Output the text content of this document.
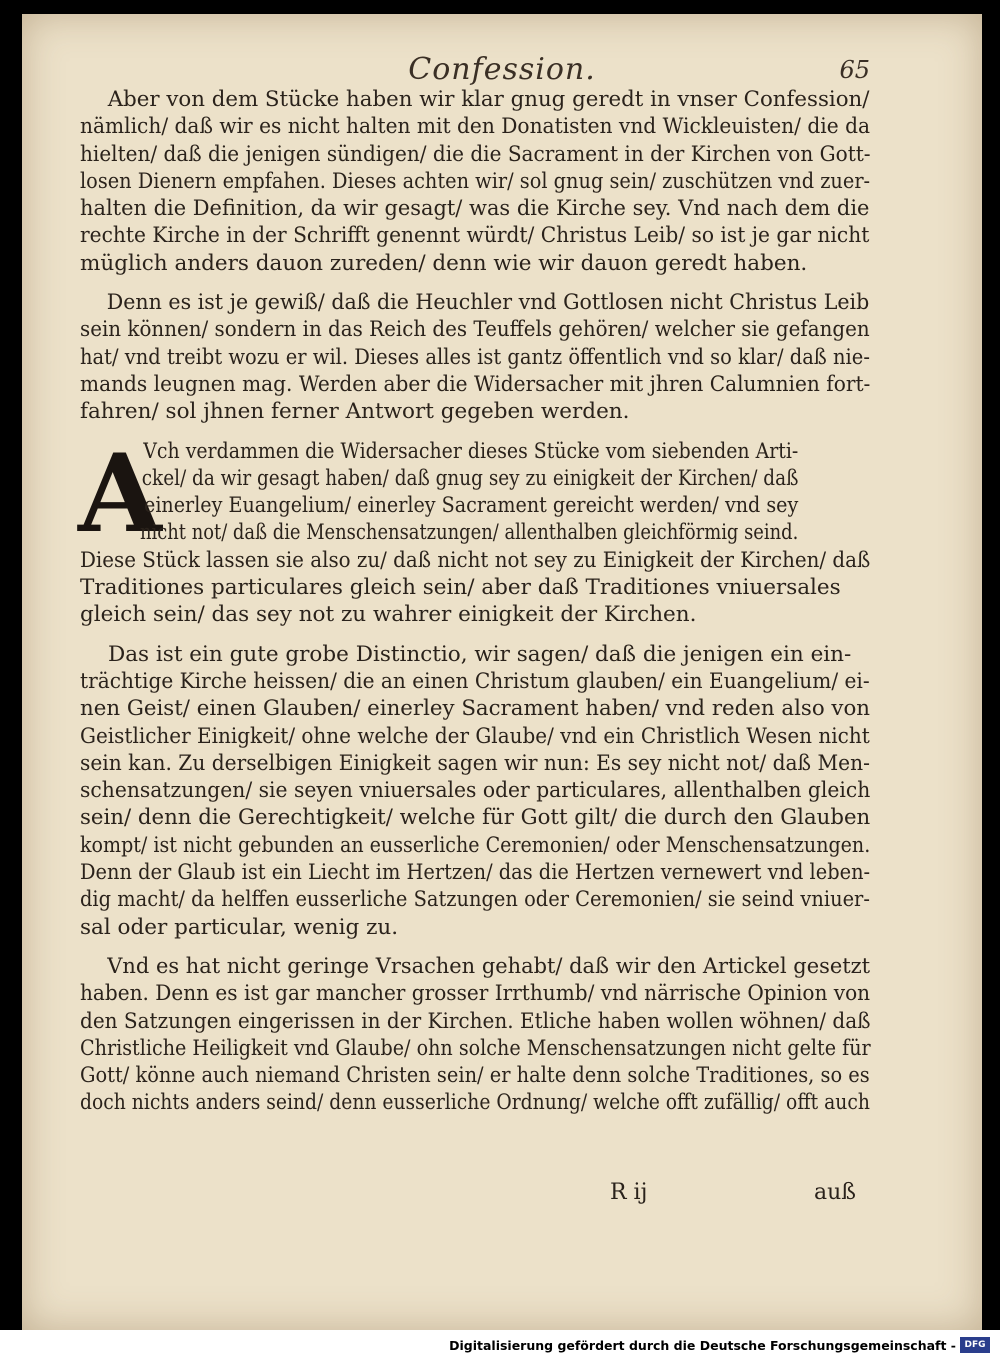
Confession.	65

Aber von dem Stücke haben wir klar gnug geredt in vnser Confession/
nämlich/ daß wir es nicht halten mit den Donatisten vnd Wickleuisten/ die da
hielten/ daß die jenigen sündigen/ die die Sacrament in der Kirchen von Gott-
losen Dienern empfahen. Dieses achten wir/ sol gnug sein/ zuschützen vnd zuer-
halten die Definition, da wir gesagt/ was die Kirche sey. Vnd nach dem die
rechte Kirche in der Schrifft genennt würdt/ Christus Leib/ so ist je gar nicht
müglich anders dauon zureden/ denn wie wir dauon geredt haben.

Denn es ist je gewiß/ daß die Heuchler vnd Gottlosen nicht Christus Leib
sein können/ sondern in das Reich des Teuffels gehören/ welcher sie gefangen
hat/ vnd treibt wozu er wil. Dieses alles ist gantz öffentlich vnd so klar/ daß nie-
mands leugnen mag. Werden aber die Widersacher mit jhren Calumnien fort-
fahren/ sol jhnen ferner Antwort gegeben werden.

A
Vch verdammen die Widersacher dieses Stücke vom siebenden Arti-
ckel/ da wir gesagt haben/ daß gnug sey zu einigkeit der Kirchen/ daß
einerley Euangelium/ einerley Sacrament gereicht werden/ vnd sey
nicht not/ daß die Menschensatzungen/ allenthalben gleichförmig seind.
Diese Stück lassen sie also zu/ daß nicht not sey zu Einigkeit der Kirchen/ daß
Traditiones particulares gleich sein/ aber daß Traditiones vniuersales
gleich sein/ das sey not zu wahrer einigkeit der Kirchen.

Das ist ein gute grobe Distinctio, wir sagen/ daß die jenigen ein ein-
trächtige Kirche heissen/ die an einen Christum glauben/ ein Euangelium/ ei-
nen Geist/ einen Glauben/ einerley Sacrament haben/ vnd reden also von
Geistlicher Einigkeit/ ohne welche der Glaube/ vnd ein Christlich Wesen nicht
sein kan. Zu derselbigen Einigkeit sagen wir nun: Es sey nicht not/ daß Men-
schensatzungen/ sie seyen vniuersales oder particulares, allenthalben gleich
sein/ denn die Gerechtigkeit/ welche für Gott gilt/ die durch den Glauben
kompt/ ist nicht gebunden an eusserliche Ceremonien/ oder Menschensatzungen.
Denn der Glaub ist ein Liecht im Hertzen/ das die Hertzen vernewert vnd leben-
dig macht/ da helffen eusserliche Satzungen oder Ceremonien/ sie seind vniuer-
sal oder particular, wenig zu.

Vnd es hat nicht geringe Vrsachen gehabt/ daß wir den Artickel gesetzt
haben. Denn es ist gar mancher grosser Irrthumb/ vnd närrische Opinion von
den Satzungen eingerissen in der Kirchen. Etliche haben wollen wöhnen/ daß
Christliche Heiligkeit vnd Glaube/ ohn solche Menschensatzungen nicht gelte für
Gott/ könne auch niemand Christen sein/ er halte denn solche Traditiones, so es
doch nichts anders seind/ denn eusserliche Ordnung/ welche offt zufällig/ offt auch

R ij	auß
Digitalisierung gefördert durch die Deutsche Forschungsgemeinschaft - DFG
